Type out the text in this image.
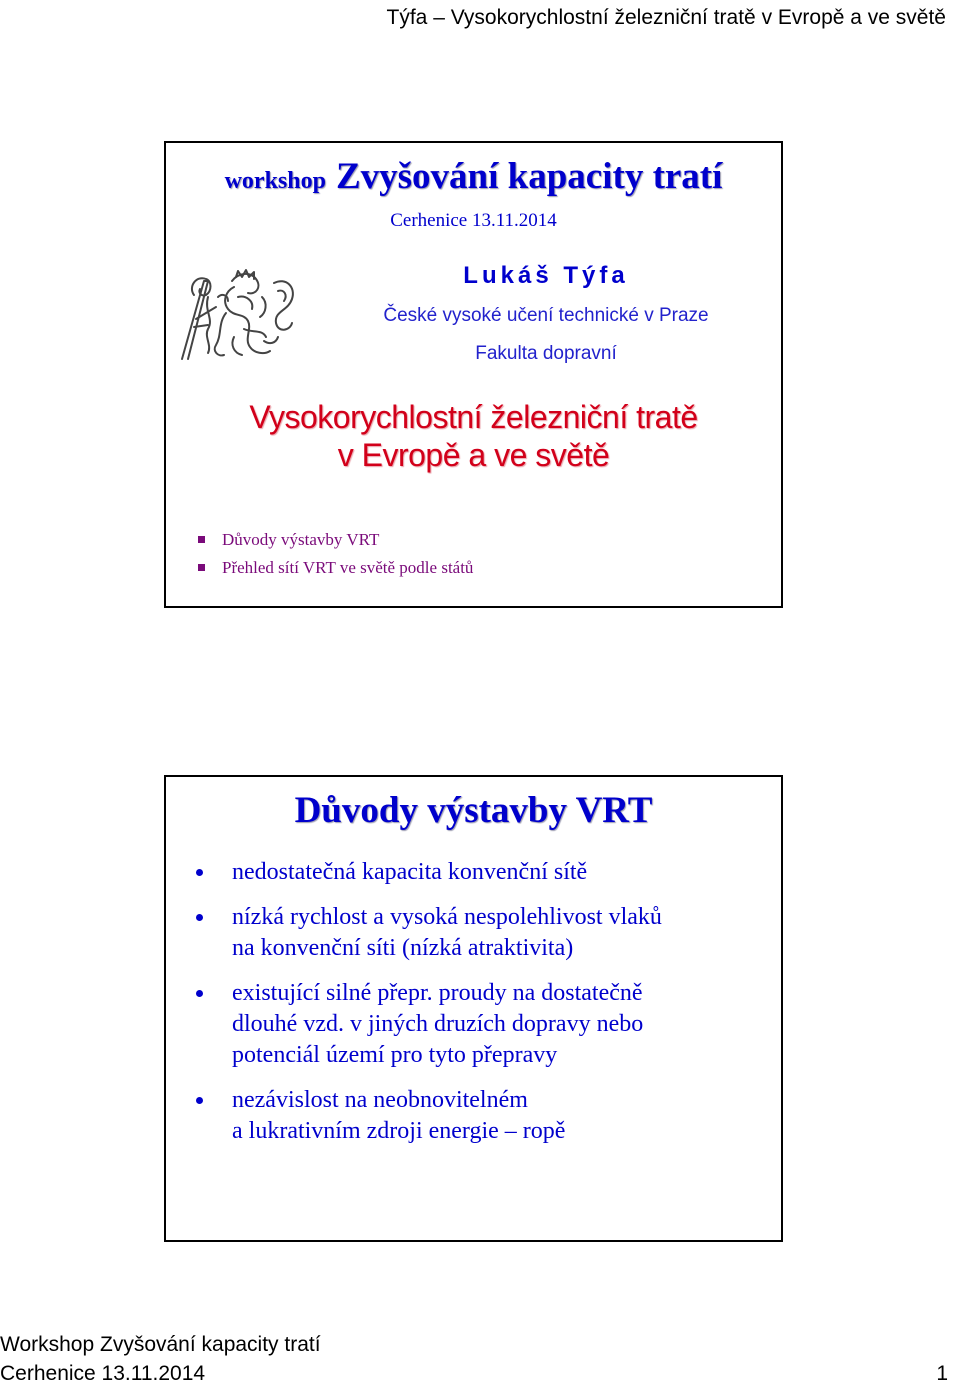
Týfa – Vysokorychlostní železniční tratě v Evropě a ve světě
workshop Zvyšování kapacity tratí
Cerhenice 13.11.2014
Lukáš Týfa
České vysoké učení technické v Praze
Fakulta dopravní
Vysokorychlostní železniční tratě
v Evropě a ve světě
Důvody výstavby VRT
Přehled sítí VRT ve světě podle států
Důvody výstavby VRT
nedostatečná kapacita konvenční sítě
nízká rychlost a vysoká nespolehlivost vlaků
na konvenční síti (nízká atraktivita)
existující silné přepr. proudy na dostatečně
dlouhé vzd. v jiných druzích dopravy nebo
potenciál území pro tyto přepravy
nezávislost na neobnovitelném
a lukrativním zdroji energie – ropě
Workshop Zvyšování kapacity tratí
Cerhenice 13.11.2014	1
